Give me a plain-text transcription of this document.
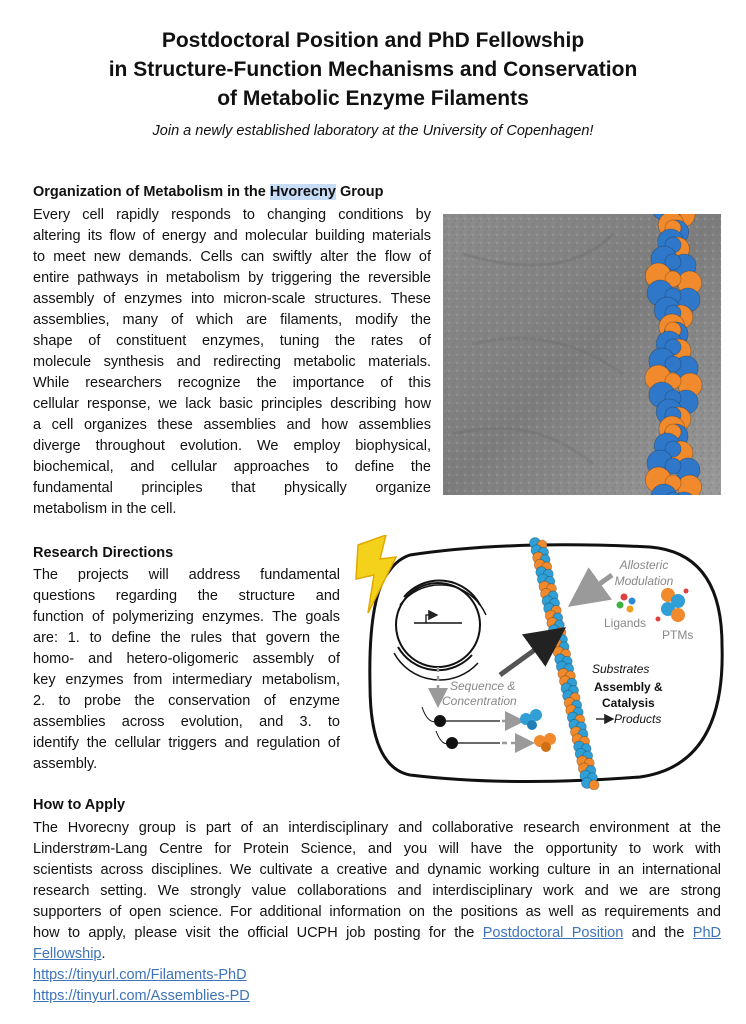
Postdoctoral Position and PhD Fellowship
in Structure-Function Mechanisms and Conservation
of Metabolic Enzyme Filaments
Join a newly established laboratory at the University of Copenhagen!
Organization of Metabolism in the Hvorecny Group
Every cell rapidly responds to changing conditions by
altering its flow of energy and molecular building materials
to meet new demands. Cells can swiftly alter the flow of
entire pathways in metabolism by triggering the reversible
assembly of enzymes into micron-scale structures. These
assemblies, many of which are filaments, modify the
shape of constituent enzymes, tuning the rates of
molecule synthesis and redirecting metabolic materials.
While researchers recognize the importance of this
cellular response, we lack basic principles describing how
a cell organizes these assemblies and how assemblies
diverge throughout evolution. We employ biophysical,
biochemical, and cellular approaches to define the
fundamental principles that physically organize
metabolism in the cell.
Research Directions
The projects will address fundamental
questions regarding the structure and
function of polymerizing enzymes. The goals
are: 1. to define the rules that govern the
homo- and hetero-oligomeric assembly of
key enzymes from intermediary metabolism,
2. to probe the conservation of enzyme
assemblies across evolution, and 3. to
identify the cellular triggers and regulation of
assembly.
Allosteric
Modulation
Ligands
PTMs
Sequence &
Concentration
Substrates
Assembly &
Catalysis
Products
How to Apply
The Hvorecny group is part of an interdisciplinary and collaborative research environment at the
Linderstrøm-Lang Centre for Protein Science, and you will have the opportunity to work with
scientists across disciplines. We cultivate a creative and dynamic working culture in an international
research setting. We strongly value collaborations and interdisciplinary work and we are strong
supporters of open science. For additional information on the positions as well as requirements and
how to apply, please visit the official UCPH job posting for the Postdoctoral Position and the PhD
Fellowship.
https://tinyurl.com/Filaments-PhD
https://tinyurl.com/Assemblies-PD
